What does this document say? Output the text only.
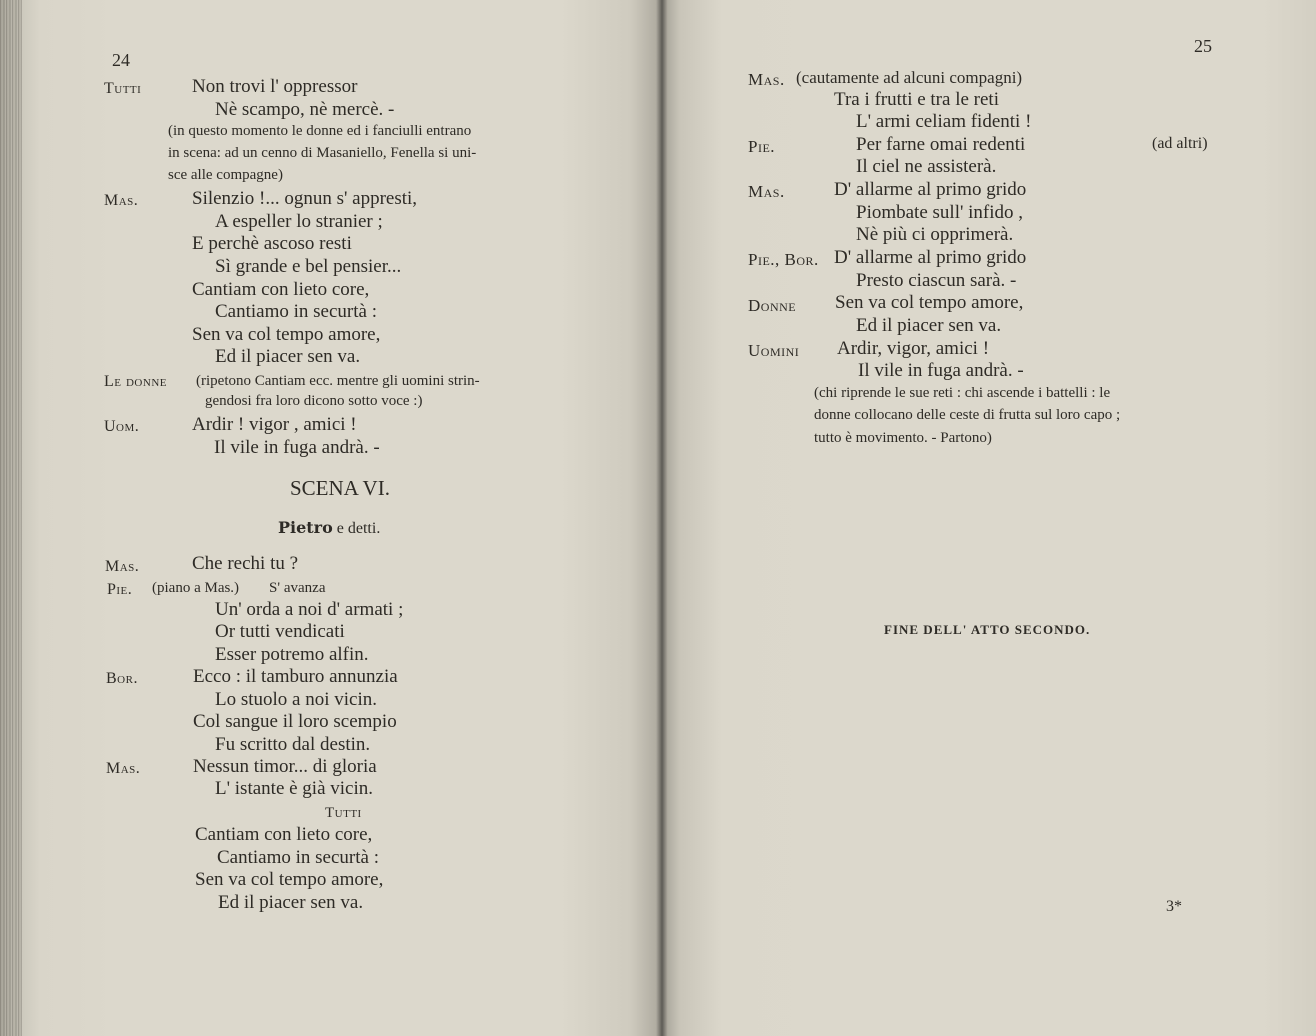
24
Tutti	Non trovi l' oppressor
Nè scampo, nè mercè. -
(in questo momento le donne ed i fanciulli entrano
in scena: ad un cenno di Masaniello, Fenella si uni-
sce alle compagne)
Mas.	Silenzio !... ognun s' appresti,
A espeller lo stranier ;
E perchè ascoso resti
Sì grande e bel pensier...
Cantiam con lieto core,
Cantiamo in securtà :
Sen va col tempo amore,
Ed il piacer sen va.
Le donne (ripetono Cantiam ecc. mentre gli uomini strin-
gendosi fra loro dicono sotto voce :)
Uom.	Ardir ! vigor , amici !
Il vile in fuga andrà. -
SCENA VI.
Pietro e detti.
Mas.	Che rechi tu ?
Pie. (piano a Mas.)        S' avanza
Un' orda a noi d' armati ;
Or tutti vendicati
Esser potremo alfin.
Bor.	Ecco : il tamburo annunzia
Lo stuolo a noi vicin.
Col sangue il loro scempio
Fu scritto dal destin.
Mas.	Nessun timor... di gloria
L' istante è già vicin.
Tutti
Cantiam con lieto core,
Cantiamo in securtà :
Sen va col tempo amore,
Ed il piacer sen va.
25
Mas. (cautamente ad alcuni compagni)
Tra i frutti e tra le reti
L' armi celiam fidenti !
Pie.	Per farne omai redenti	(ad altri)
Il ciel ne assisterà.
Mas.	D' allarme al primo grido
Piombate sull' infido ,
Nè più ci opprimerà.
Pie., Bor. D' allarme al primo grido
Presto ciascun sarà. -
Donne Sen va col tempo amore,
Ed il piacer sen va.
Uomini Ardir, vigor, amici !
Il vile in fuga andrà. -
(chi riprende le sue reti : chi ascende i battelli : le
donne collocano delle ceste di frutta sul loro capo ;
tutto è movimento. - Partono)
FINE DELL' ATTO SECONDO.
3*
